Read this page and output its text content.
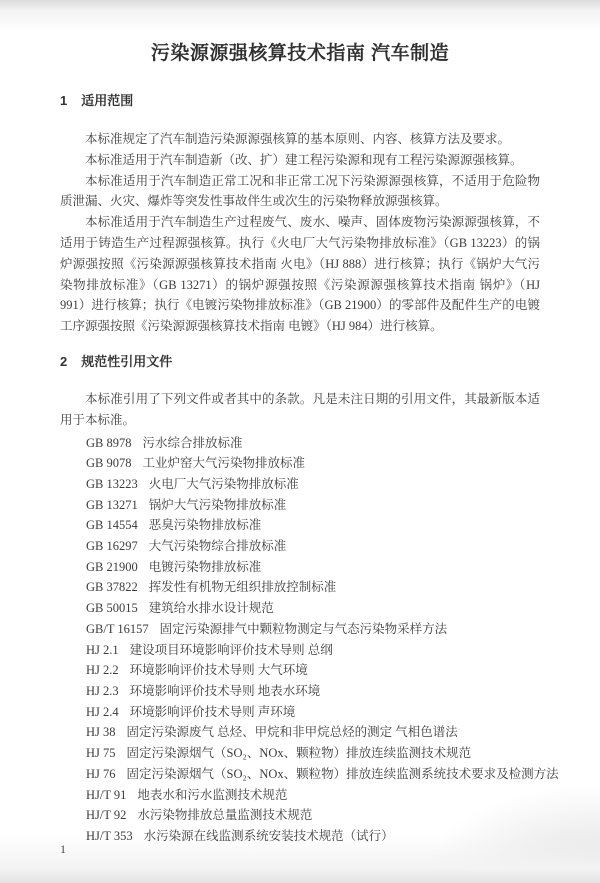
污染源源强核算技术指南 汽车制造
1 适用范围

本标准规定了汽车制造污染源源强核算的基本原则、内容、核算方法及要求。

本标准适用于汽车制造新（改、扩）建工程污染源和现有工程污染源源强核算。

本标准适用于汽车制造正常工况和非正常工况下污染源源强核算，不适用于危险物质泄漏、火灾、爆炸等突发性事故伴生或次生的污染物释放源强核算。

本标准适用于汽车制造生产过程废气、废水、噪声、固体废物污染源源强核算，不适用于铸造生产过程源强核算。执行《火电厂大气污染物排放标准》（GB 13223）的锅炉源强按照《污染源源强核算技术指南 火电》（HJ 888）进行核算；执行《锅炉大气污染物排放标准》（GB 13271）的锅炉源强按照《污染源源强核算技术指南 锅炉》（HJ 991）进行核算；执行《电镀污染物排放标准》（GB 21900）的零部件及配件生产的电镀工序源强按照《污染源源强核算技术指南 电镀》（HJ 984）进行核算。

2 规范性引用文件

本标准引用了下列文件或者其中的条款。凡是未注日期的引用文件，其最新版本适用于本标准。

GB 8978 污水综合排放标准
GB 9078 工业炉窑大气污染物排放标准
GB 13223 火电厂大气污染物排放标准
GB 13271 锅炉大气污染物排放标准
GB 14554 恶臭污染物排放标准
GB 16297 大气污染物综合排放标准
GB 21900 电镀污染物排放标准
GB 37822 挥发性有机物无组织排放控制标准
GB 50015 建筑给水排水设计规范
GB/T 16157 固定污染源排气中颗粒物测定与气态污染物采样方法
HJ 2.1 建设项目环境影响评价技术导则 总纲
HJ 2.2 环境影响评价技术导则 大气环境
HJ 2.3 环境影响评价技术导则 地表水环境
HJ 2.4 环境影响评价技术导则 声环境
HJ 38 固定污染源废气 总烃、甲烷和非甲烷总烃的测定 气相色谱法
HJ 75 固定污染源烟气（SO₂、NOx、颗粒物）排放连续监测技术规范
HJ 76 固定污染源烟气（SO₂、NOx、颗粒物）排放连续监测系统技术要求及检测方法
HJ/T 91 地表水和污水监测技术规范
HJ/T 92 水污染物排放总量监测技术规范
HJ/T 353 水污染源在线监测系统安装技术规范（试行）
1
